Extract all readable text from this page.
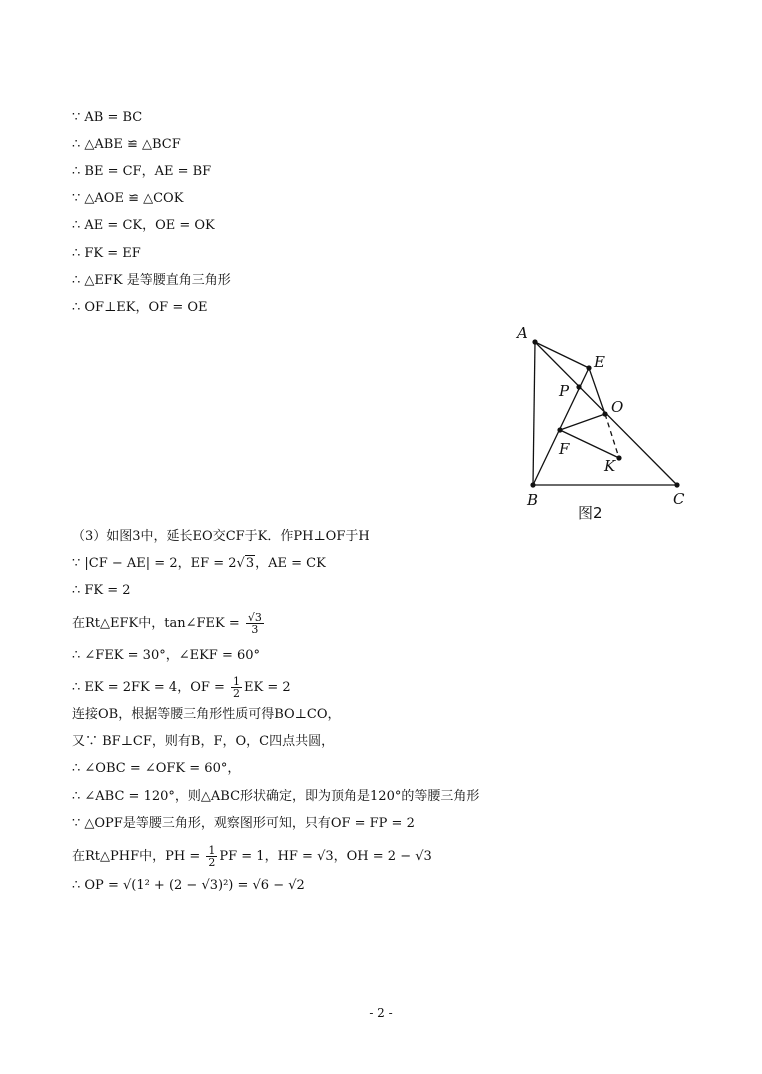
∵ AB = BC
∴ △ABE ≌ △BCF
∴ BE = CF，AE = BF
∵ △AOE ≌ △COK
∴ AE = CK，OE = OK
∴ FK = EF
∴ △EFK 是等腰直角三角形
∴ OF⊥EK，OF = OE
A
B	C
E
O
P
F
K
图2
（3）如图3中，延长EO交CF于K．作PH⊥OF于H
∵ |CF − AE| = 2，EF = 2√3，AE = CK
∴ FK = 2
在Rt△EFK中，tan∠FEK = $\frac{√3}{3}$
∴ ∠FEK = 30°，∠EKF = 60°
∴ EK = 2FK = 4，OF = $\frac{1}{2}$ EK = 2
连接OB，根据等腰三角形性质可得BO⊥CO，
又∵ BF⊥CF，则有B，F，O，C四点共圆，
∴ ∠OBC = ∠OFK = 60°，
∴ ∠ABC = 120°，则△ABC形状确定，即为顶角是120°的等腰三角形
∵ △OPF是等腰三角形，观察图形可知，只有OF = FP = 2
在Rt△PHF中，PH = $\frac{1}{2}$ PF = 1，HF = √3，OH = 2 − √3
∴ OP = √(1² + (2 − √3)²) = √6 − √2
- 2 -
